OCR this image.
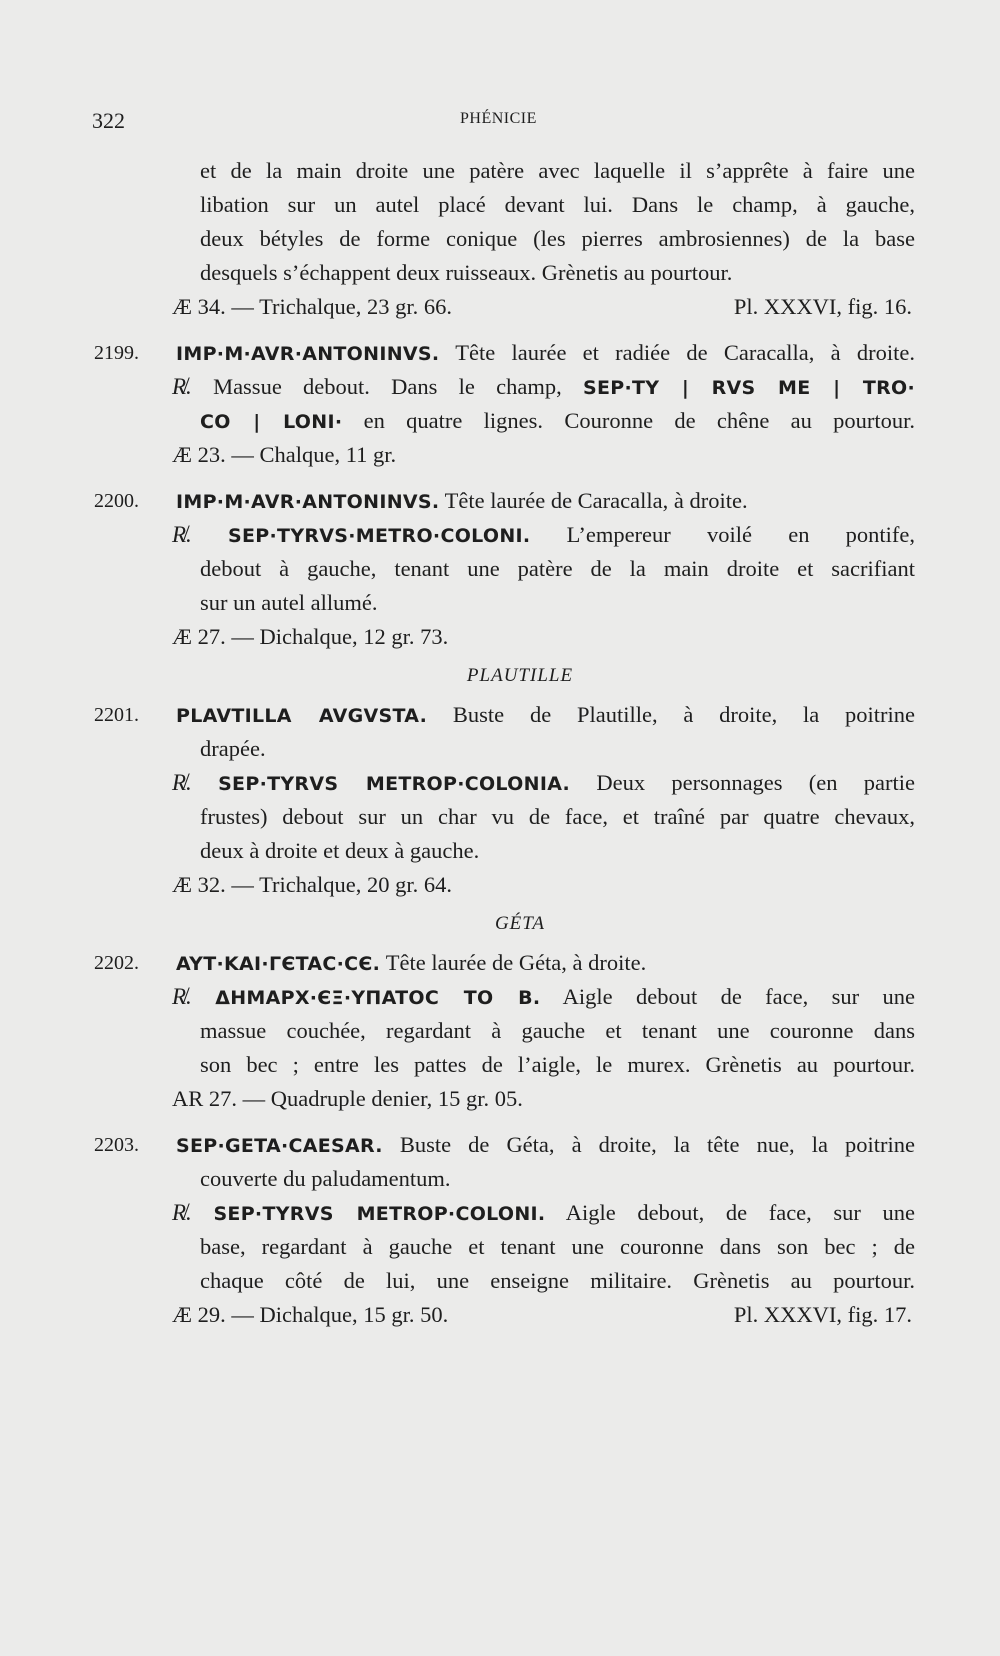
322	PHÉNICIE
et de la main droite une patère avec laquelle il s’apprête à faire une
libation sur un autel placé devant lui. Dans le champ, à gauche,
deux bétyles de forme conique (les pierres ambrosiennes) de la base
desquels s’échappent deux ruisseaux. Grènetis au pourtour.
Æ 34. — Trichalque, 23 gr. 66.	Pl. XXXVI, fig. 16.
2199. IMP·M·AVR·ANTONINVS. Tête laurée et radiée de Caracalla, à droite.
R̸. Massue debout. Dans le champ, SEP·TY | RVS ME | TRO·
CO | LONI· en quatre lignes. Couronne de chêne au pourtour.
Æ 23. — Chalque, 11 gr.
2200. IMP·M·AVR·ANTONINVS. Tête laurée de Caracalla, à droite.
R̸. SEP·TYRVS·METRO·COLONI. L’empereur voilé en pontife,
debout à gauche, tenant une patère de la main droite et sacrifiant
sur un autel allumé.
Æ 27. — Dichalque, 12 gr. 73.
PLAUTILLE
2201. PLAVTILLA AVGVSTA. Buste de Plautille, à droite, la poitrine
drapée.
R̸. SEP·TYRVS METROP·COLONIA. Deux personnages (en partie
frustes) debout sur un char vu de face, et traîné par quatre chevaux,
deux à droite et deux à gauche.
Æ 32. — Trichalque, 20 gr. 64.
GÉTA
2202. AYT·KAI·ΓЄTAC·CЄ. Tête laurée de Géta, à droite.
R̸. ΔHMAPX·ЄΞ·YΠATOC TO B. Aigle debout de face, sur une
massue couchée, regardant à gauche et tenant une couronne dans
son bec ; entre les pattes de l’aigle, le murex. Grènetis au pourtour.
AR 27. — Quadruple denier, 15 gr. 05.
2203. SEP·GETA·CAESAR. Buste de Géta, à droite, la tête nue, la poitrine
couverte du paludamentum.
R̸. SEP·TYRVS METROP·COLONI. Aigle debout, de face, sur une
base, regardant à gauche et tenant une couronne dans son bec ; de
chaque côté de lui, une enseigne militaire. Grènetis au pourtour.
Æ 29. — Dichalque, 15 gr. 50.	Pl. XXXVI, fig. 17.
